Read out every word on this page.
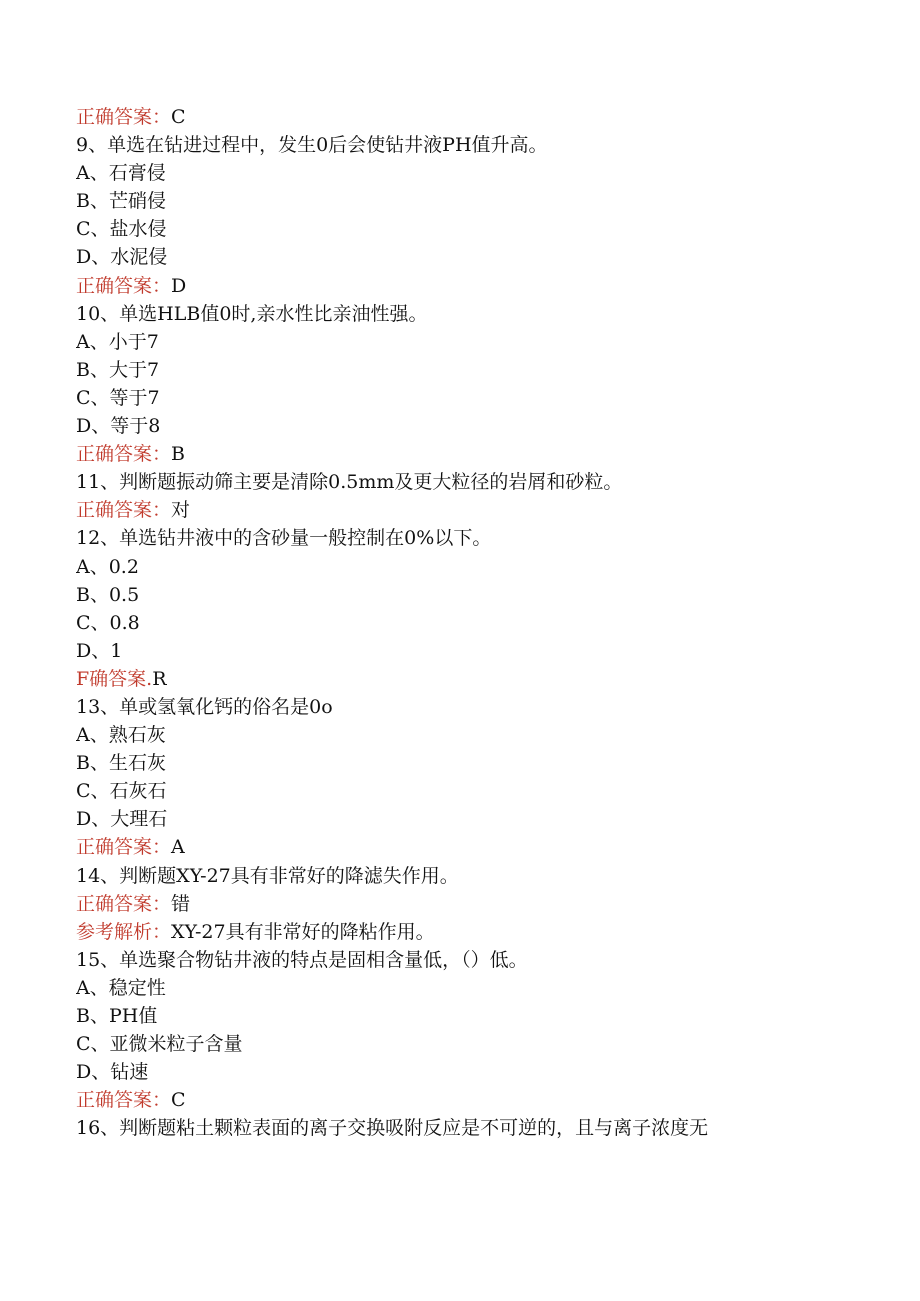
正确答案：C
9、单选在钻进过程中，发生0后会使钻井液PH值升高。
A、石膏侵
B、芒硝侵
C、盐水侵
D、水泥侵
正确答案：D
10、单选HLB值0时,亲水性比亲油性强。
A、小于7
B、大于7
C、等于7
D、等于8
正确答案：B
11、判断题振动筛主要是清除0.5mm及更大粒径的岩屑和砂粒。
正确答案：对
12、单选钻井液中的含砂量一般控制在0%以下。
A、0.2
B、0.5
C、0.8
D、1
F确答案.R
13、单或氢氧化钙的俗名是0o
A、熟石灰
B、生石灰
C、石灰石
D、大理石
正确答案：A
14、判断题XY-27具有非常好的降滤失作用。
正确答案：错
参考解析：XY-27具有非常好的降粘作用。
15、单选聚合物钻井液的特点是固相含量低，（）低。
A、稳定性
B、PH值
C、亚微米粒子含量
D、钻速
正确答案：C
16、判断题粘土颗粒表面的离子交换吸附反应是不可逆的，且与离子浓度无
